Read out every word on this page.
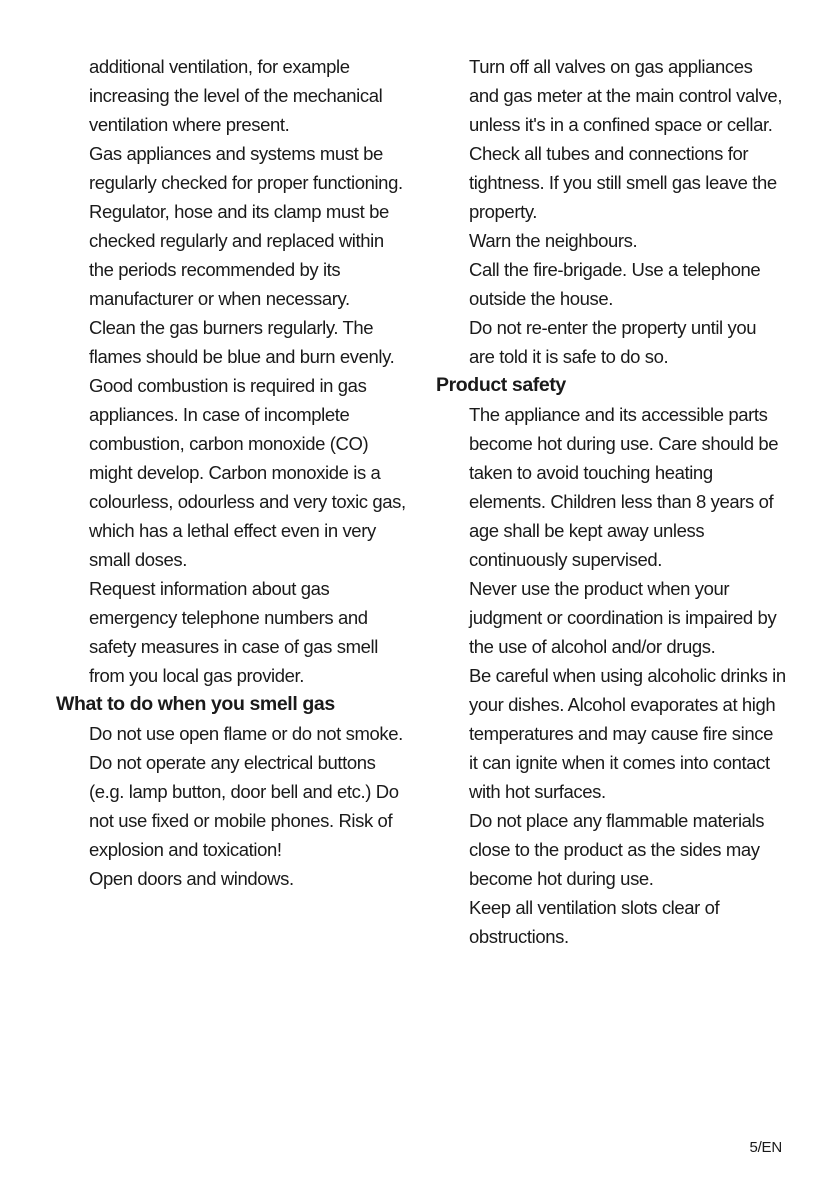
additional ventilation, for example increasing the level of the mechanical ventilation where present.
Gas appliances and systems must be regularly checked for proper functioning. Regulator, hose and its clamp must be checked regularly and replaced within the periods recommended by its manufacturer or when necessary.
Clean the gas burners regularly. The flames should be blue and burn evenly.
Good combustion is required in gas appliances. In case of incomplete combustion, carbon monoxide (CO) might develop. Carbon monoxide is a colourless, odourless and very toxic gas, which has a lethal effect even in very small doses.
Request information about gas emergency telephone numbers and safety measures in case of gas smell from you local gas provider.
What to do when you smell gas
Do not use open flame or do not smoke. Do not operate any electrical buttons (e.g. lamp button, door bell and etc.) Do not use fixed or mobile phones. Risk of explosion and toxication!
Open doors and windows.
Turn off all valves on gas appliances and gas meter at the main control valve, unless it's in a confined space or cellar.
Check all tubes and connections for tightness. If you still smell gas leave the property.
Warn the neighbours.
Call the fire-brigade. Use a telephone outside the house.
Do not re-enter the property until you are told it is safe to do so.
Product safety
The appliance and its accessible parts become hot during use. Care should be taken to avoid touching heating elements. Children less than 8 years of age shall be kept away unless continuously supervised.
Never use the product when your judgment or coordination is impaired by the use of alcohol and/or drugs.
Be careful when using alcoholic drinks in your dishes. Alcohol evaporates at high temperatures and may cause fire since it can ignite when it comes into contact with hot surfaces.
Do not place any flammable materials close to the product as the sides may become hot during use.
Keep all ventilation slots clear of obstructions.
5/EN
